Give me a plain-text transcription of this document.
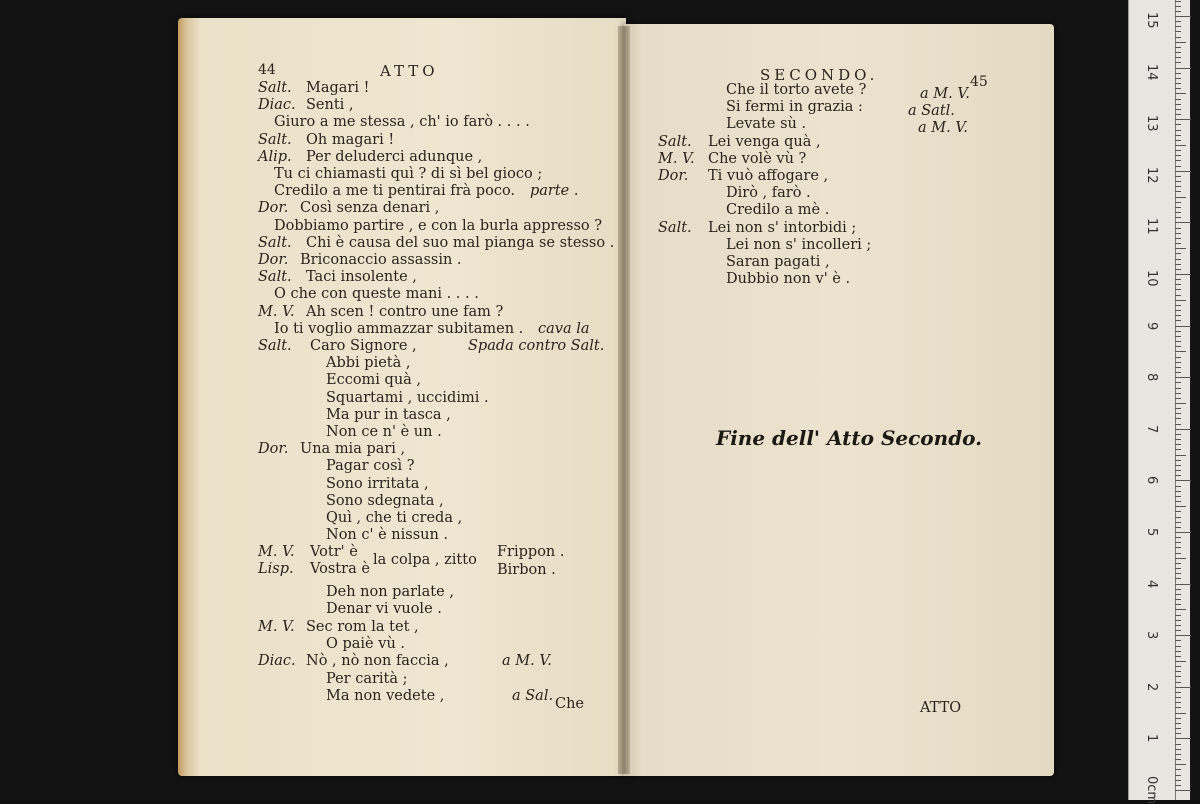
44	ATTO	SECONDO.	45
Salt. Magari !
Diac. Senti ,
Giuro a me stessa , ch' io farò . . . .
Salt. Oh magari !
Alip. Per deluderci adunque ,
Tu ci chiamasti quì ? di sì bel gioco ;
Credilo a me ti pentirai frà poco. parte .
Dor. Così senza denari ,
Dobbiamo partire , e con la burla appresso ?
Salt. Chi è causa del suo mal pianga se stesso .
Dor. Briconaccio assassin .
Salt. Taci insolente ,
O che con queste mani . . . .
M. V. Ah scen ! contro une fam ?
Io ti voglio ammazzar subitamen . cava la
Salt. Caro Signore ,	Spada contro Salt.
Abbi pietà ,
Eccomi quà ,
Squartami , uccidimi .
Ma pur in tasca ,
Non ce n' è un .
Dor. Una mia pari ,
Pagar così ?
Sono irritata ,
Sono sdegnata ,
Quì , che ti creda ,
Non c' è nissun .
M. V. Votr' è la colpa , zitto Frippon .
Lisp. Vostra è	Birbon .
Deh non parlate ,
Denar vi vuole .
M. V. Sec rom la tet ,
O paiè vù .
Diac. Nò , nò non faccia ,	a M. V.
Per carità ;
Ma non vedete ,	a Sal.
Che
Che il torto avete ?	a M. V.
Si fermi in grazia :	a Satl.
Levate sù .	a M. V.
Salt. Lei venga quà ,
M. V. Che volè vù ?
Dor. Ti vuò affogare ,
Dirò , farò .
Credilo a mè .
Salt. Lei non s' intorbidi ;
Lei non s' incolleri ;
Saran pagati ,
Dubbio non v' è .
Fine dell' Atto Secondo.
ATTO
0cm
1
2
3
4
5
6
7
8
9
10
11
12
13
14
15
